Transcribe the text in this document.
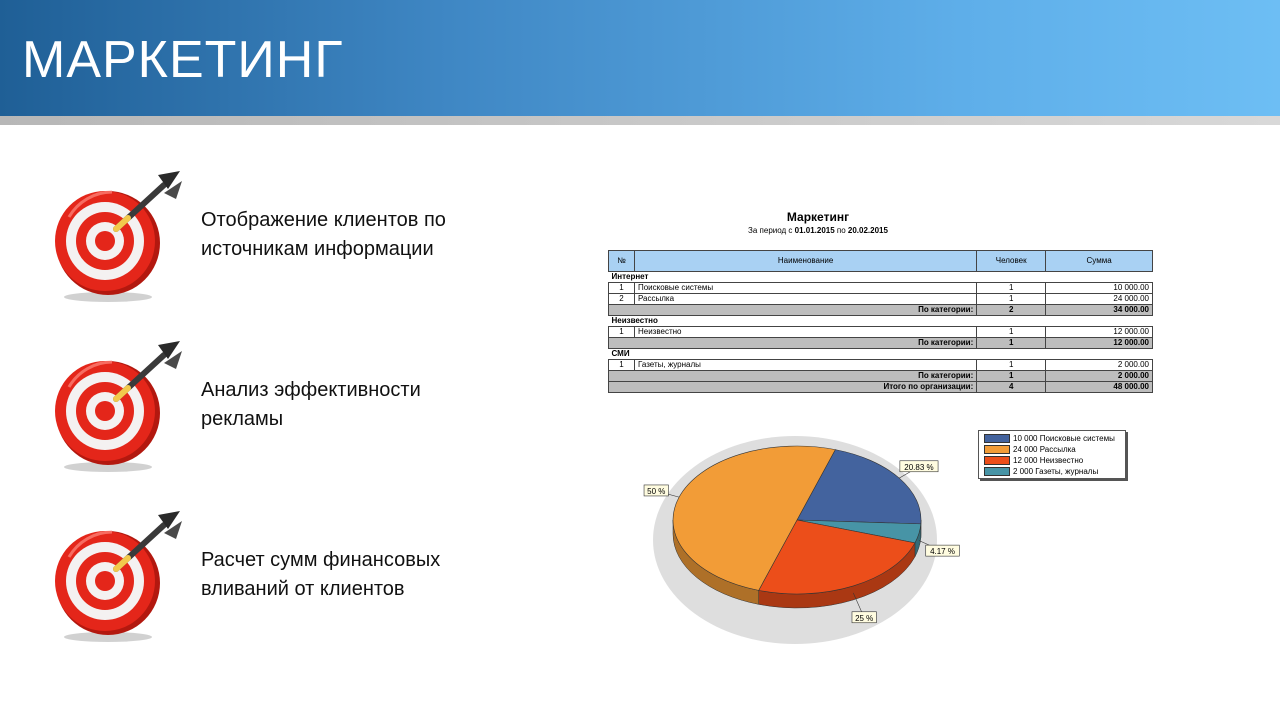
МАРКЕТИНГ
Отображение клиентов по источникам информации
Анализ эффективности рекламы
Расчет сумм финансовых вливаний от клиентов
Маркетинг
За период с 01.01.2015 по 20.02.2015
№	Наименование	Человек	Сумма
Интернет			
1	Поисковые системы	1	10 000.00
2	Рассылка	1	24 000.00
По категории:		2	34 000.00
Неизвестно			
1	Неизвестно	1	12 000.00
По категории:		1	12 000.00
СМИ			
1	Газеты, журналы	1	2 000.00
По категории:		1	2 000.00
Итого по организации:		4	48 000.00
20.83 %
4.17 %
25 %
50 %
10 000 Поисковые системы
24 000 Рассылка
12 000 Неизвестно
2 000 Газеты, журналы
